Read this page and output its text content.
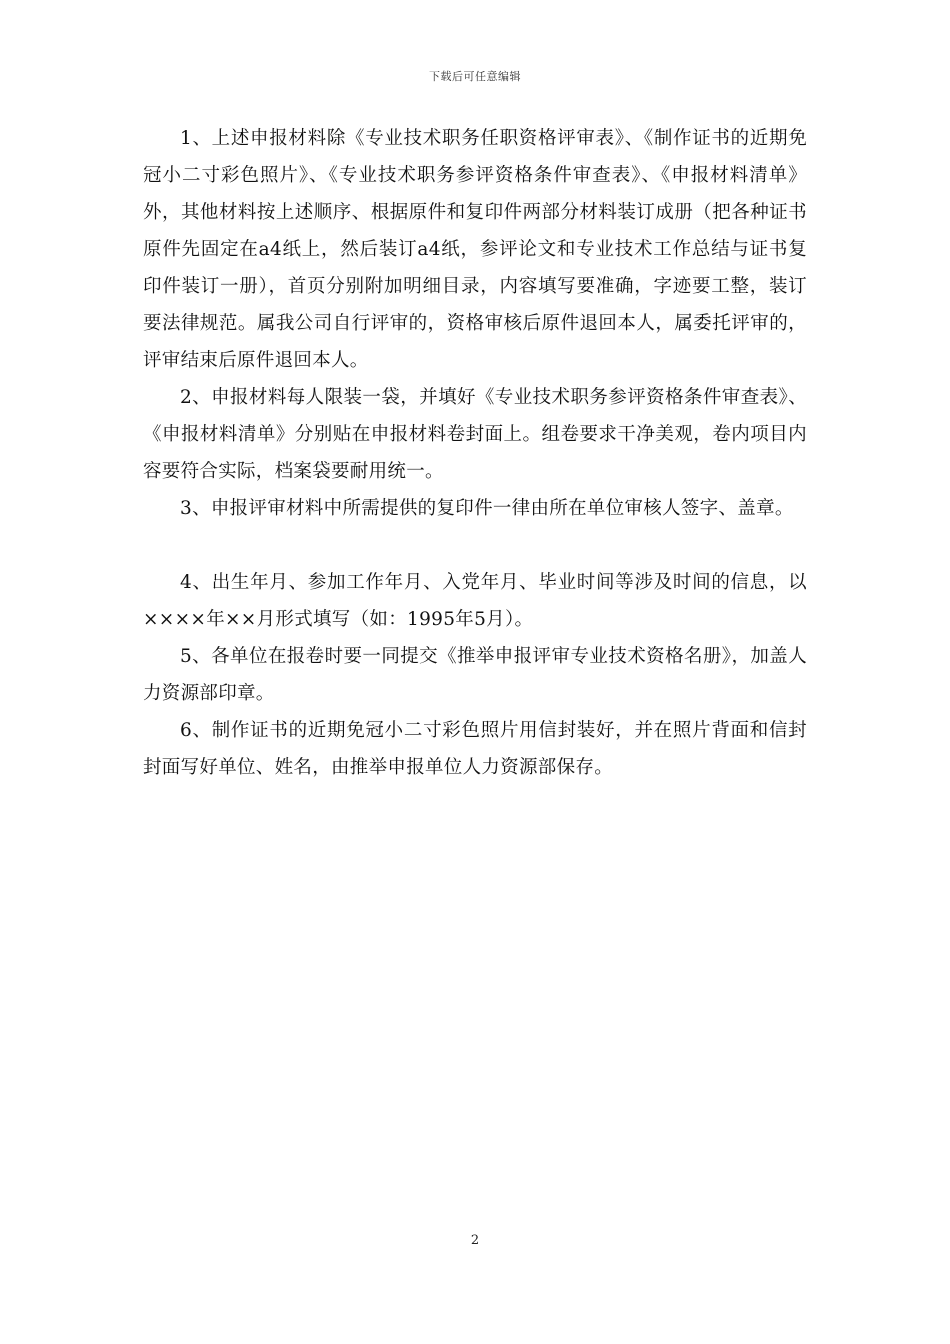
下载后可任意编辑

1、上述申报材料除《专业技术职务任职资格评审表》、《制作证书的近期免冠小二寸彩色照片》、《专业技术职务参评资格条件审查表》、《申报材料清单》外，其他材料按上述顺序、根据原件和复印件两部分材料装订成册（把各种证书原件先固定在a4纸上，然后装订a4纸，参评论文和专业技术工作总结与证书复印件装订一册），首页分别附加明细目录，内容填写要准确，字迹要工整，装订要法律规范。属我公司自行评审的，资格审核后原件退回本人，属委托评审的，评审结束后原件退回本人。

2、申报材料每人限装一袋，并填好《专业技术职务参评资格条件审查表》、《申报材料清单》分别贴在申报材料卷封面上。组卷要求干净美观，卷内项目内容要符合实际，档案袋要耐用统一。

3、申报评审材料中所需提供的复印件一律由所在单位审核人签字、盖章。

4、出生年月、参加工作年月、入党年月、毕业时间等涉及时间的信息，以××××年××月形式填写（如：1995年5月）。

5、各单位在报卷时要一同提交《推举申报评审专业技术资格名册》，加盖人力资源部印章。

6、制作证书的近期免冠小二寸彩色照片用信封装好，并在照片背面和信封封面写好单位、姓名，由推举申报单位人力资源部保存。

2
